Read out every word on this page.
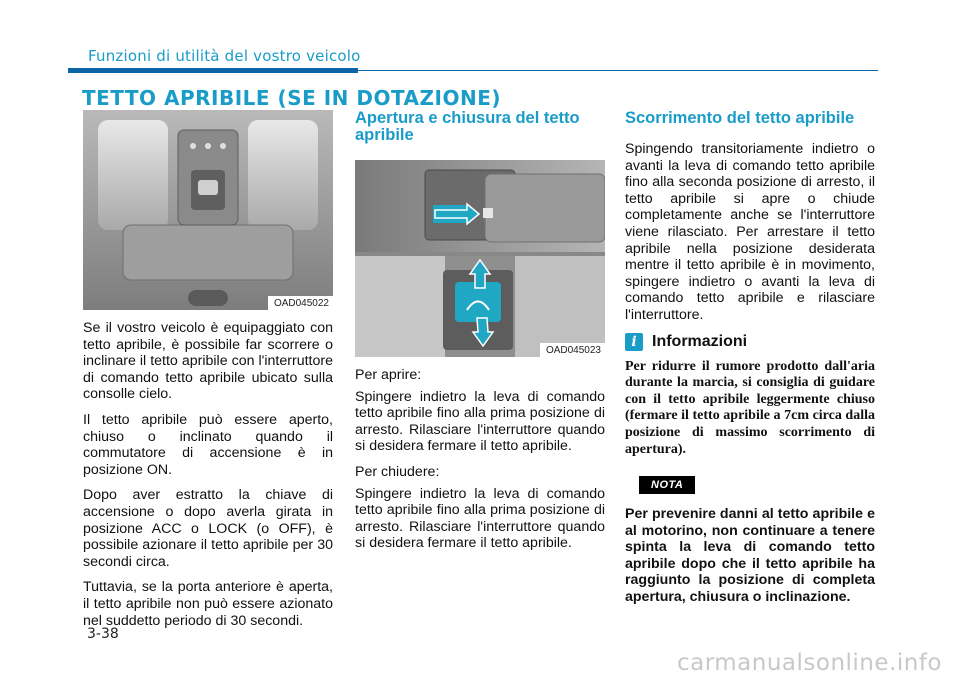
Funzioni di utilità del vostro veicolo
TETTO APRIBILE (SE IN DOTAZIONE)
OAD045022

Se il vostro veicolo è equipaggiato con tetto apribile, è possibile far scorrere o inclinare il tetto apribile con l'interruttore di comando tetto apribile ubicato sulla consolle cielo.

Il tetto apribile può essere aperto, chiuso o inclinato quando il commutatore di accensione è in posizione ON.

Dopo aver estratto la chiave di accensione o dopo averla girata in posizione ACC o LOCK (o OFF), è possibile azionare il tetto apribile per 30 secondi circa.

Tuttavia, se la porta anteriore è aperta, il tetto apribile non può essere azionato nel suddetto periodo di 30 secondi.

Apertura e chiusura del tetto apribile
OAD045023

Per aprire:

Spingere indietro la leva di comando tetto apribile fino alla prima posizione di arresto. Rilasciare l'interruttore quando si desidera fermare il tetto apribile.

Per chiudere:

Spingere indietro la leva di comando tetto apribile fino alla prima posizione di arresto. Rilasciare l'interruttore quando si desidera fermare il tetto apribile.

Scorrimento del tetto apribile

Spingendo transitoriamente indietro o avanti la leva di comando tetto apribile fino alla seconda posizione di arresto, il tetto apribile si apre o chiude completamente anche se l'interruttore viene rilasciato. Per arrestare il tetto apribile nella posizione desiderata mentre il tetto apribile è in movimento, spingere indietro o avanti la leva di comando tetto apribile e rilasciare l'interruttore.

i Informazioni

Per ridurre il rumore prodotto dall'aria durante la marcia, si consiglia di guidare con il tetto apribile leggermente chiuso (fermare il tetto apribile a 7cm circa dalla posizione di massimo scorrimento di apertura).

NOTA

Per prevenire danni al tetto apribile e al motorino, non continuare a tenere spinta la leva di comando tetto apribile dopo che il tetto apribile ha raggiunto la posizione di completa apertura, chiusura o inclinazione.

3-38
carmanualsonline.info
